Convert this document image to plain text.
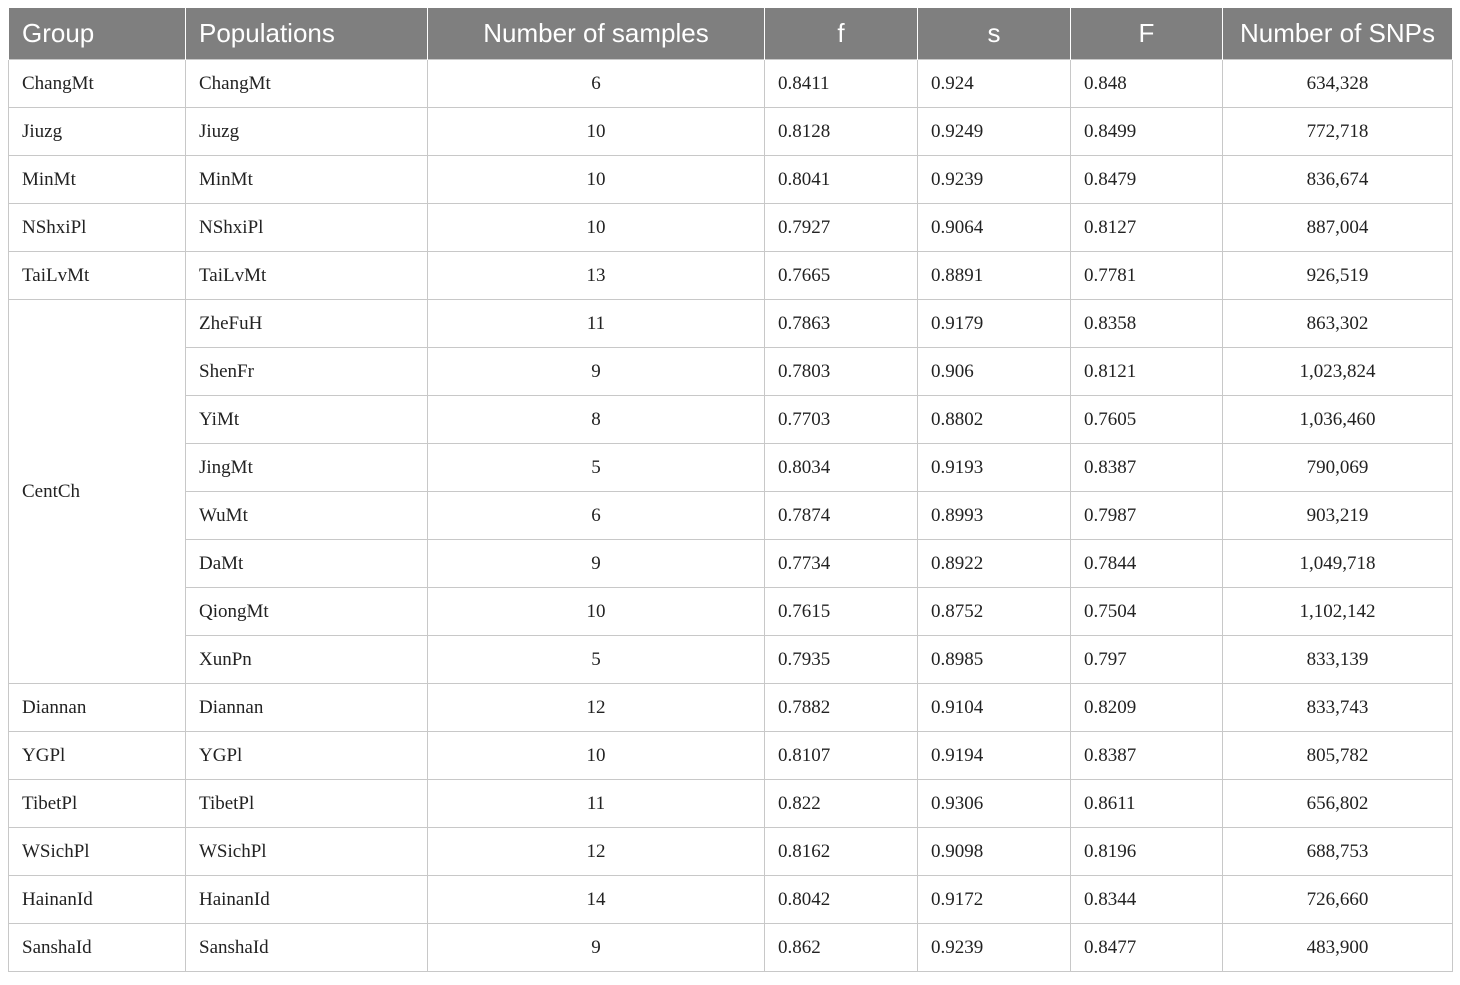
Group	Populations	Number of samples	f	s	F	Number of SNPs
ChangMt	ChangMt	6	0.8411	0.924	0.848	634,328
Jiuzg	Jiuzg	10	0.8128	0.9249	0.8499	772,718
MinMt	MinMt	10	0.8041	0.9239	0.8479	836,674
NShxiPl	NShxiPl	10	0.7927	0.9064	0.8127	887,004
TaiLvMt	TaiLvMt	13	0.7665	0.8891	0.7781	926,519
CentCh	ZheFuH	11	0.7863	0.9179	0.8358	863,302
	ShenFr	9	0.7803	0.906	0.8121	1,023,824
	YiMt	8	0.7703	0.8802	0.7605	1,036,460
	JingMt	5	0.8034	0.9193	0.8387	790,069
	WuMt	6	0.7874	0.8993	0.7987	903,219
	DaMt	9	0.7734	0.8922	0.7844	1,049,718
	QiongMt	10	0.7615	0.8752	0.7504	1,102,142
	XunPn	5	0.7935	0.8985	0.797	833,139
Diannan	Diannan	12	0.7882	0.9104	0.8209	833,743
YGPl	YGPl	10	0.8107	0.9194	0.8387	805,782
TibetPl	TibetPl	11	0.822	0.9306	0.8611	656,802
WSichPl	WSichPl	12	0.8162	0.9098	0.8196	688,753
HainanId	HainanId	14	0.8042	0.9172	0.8344	726,660
SanshaId	SanshaId	9	0.862	0.9239	0.8477	483,900
